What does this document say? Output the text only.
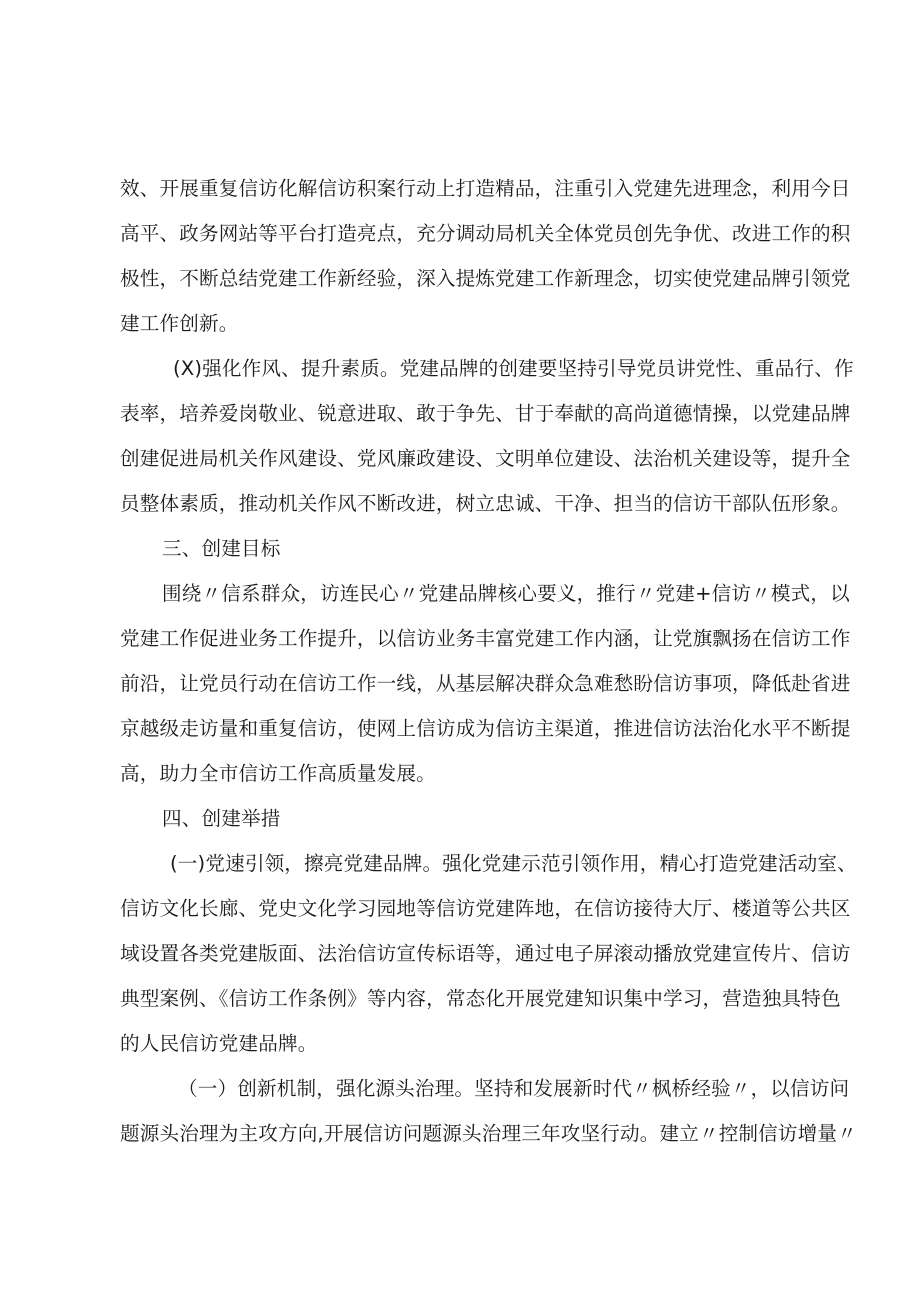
效、开展重复信访化解信访积案行动上打造精品，注重引入党建先进理念，利用今日

高平、政务网站等平台打造亮点，充分调动局机关全体党员创先争优、改进工作的积

极性，不断总结党建工作新经验，深入提炼党建工作新理念，切实使党建品牌引领党

建工作创新。

(X)强化作风、提升素质。党建品牌的创建要坚持引导党员讲党性、重品行、作

表率，培养爱岗敬业、锐意进取、敢于争先、甘于奉献的高尚道德情操，以党建品牌

创建促进局机关作风建设、党风廉政建设、文明单位建设、法治机关建设等，提升全

员整体素质，推动机关作风不断改进，树立忠诚、干净、担当的信访干部队伍形象。

三、创建目标

围绕〃信系群众，访连民心〃党建品牌核心要义，推行〃党建+信访〃模式，以

党建工作促进业务工作提升，以信访业务丰富党建工作内涵，让党旗飘扬在信访工作

前沿，让党员行动在信访工作一线，从基层解决群众急难愁盼信访事项，降低赴省进

京越级走访量和重复信访，使网上信访成为信访主渠道，推进信访法治化水平不断提

高，助力全市信访工作高质量发展。

四、创建举措

(一)党速引领，擦亮党建品牌。强化党建示范引领作用，精心打造党建活动室、

信访文化长廊、党史文化学习园地等信访党建阵地，在信访接待大厅、楼道等公共区

域设置各类党建版面、法治信访宣传标语等，通过电子屏滚动播放党建宣传片、信访

典型案例、《信访工作条例》等内容，常态化开展党建知识集中学习，营造独具特色

的人民信访党建品牌。

（一）创新机制，强化源头治理。坚持和发展新时代〃枫桥经验〃，以信访问

题源头治理为主攻方向,开展信访问题源头治理三年攻坚行动。建立〃控制信访增量〃
